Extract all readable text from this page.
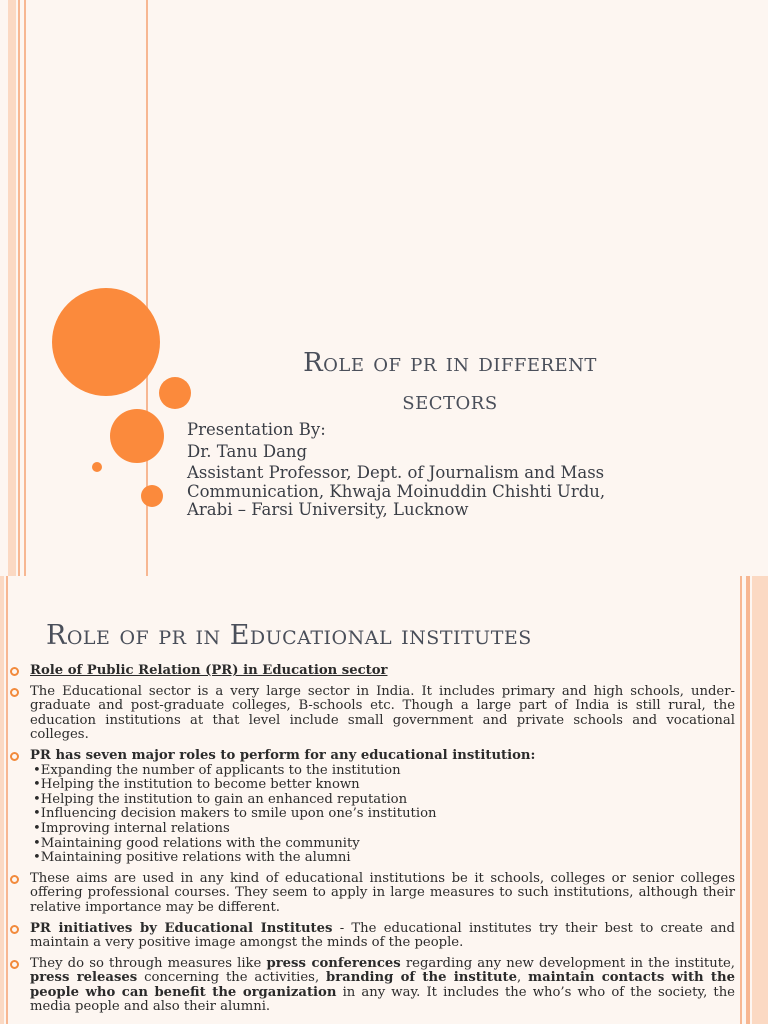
Role of pr in different
sectors
Presentation By:
Dr. Tanu Dang
Assistant Professor, Dept. of Journalism and Mass
Communication, Khwaja Moinuddin Chishti Urdu,
Arabi – Farsi University, Lucknow
Role of pr in Educational institutes
Role of Public Relation (PR) in Education sector
The Educational sector is a very large sector in India. It includes primary and high schools, under-graduate and post-graduate colleges, B-schools etc. Though a large part of India is still rural, the education institutions at that level include small government and private schools and vocational colleges.
PR has seven major roles to perform for any educational institution:
•Expanding the number of applicants to the institution
•Helping the institution to become better known
•Helping the institution to gain an enhanced reputation
•Influencing decision makers to smile upon one’s institution
•Improving internal relations
•Maintaining good relations with the community
•Maintaining positive relations with the alumni
These aims are used in any kind of educational institutions be it schools, colleges or senior colleges offering professional courses. They seem to apply in large measures to such institutions, although their relative importance may be different.
PR initiatives by Educational Institutes - The educational institutes try their best to create and maintain a very positive image amongst the minds of the people.
They do so through measures like press conferences regarding any new development in the institute, press releases concerning the activities, branding of the institute, maintain contacts with the people who can benefit the organization in any way. It includes the who’s who of the society, the media people and also their alumni.
